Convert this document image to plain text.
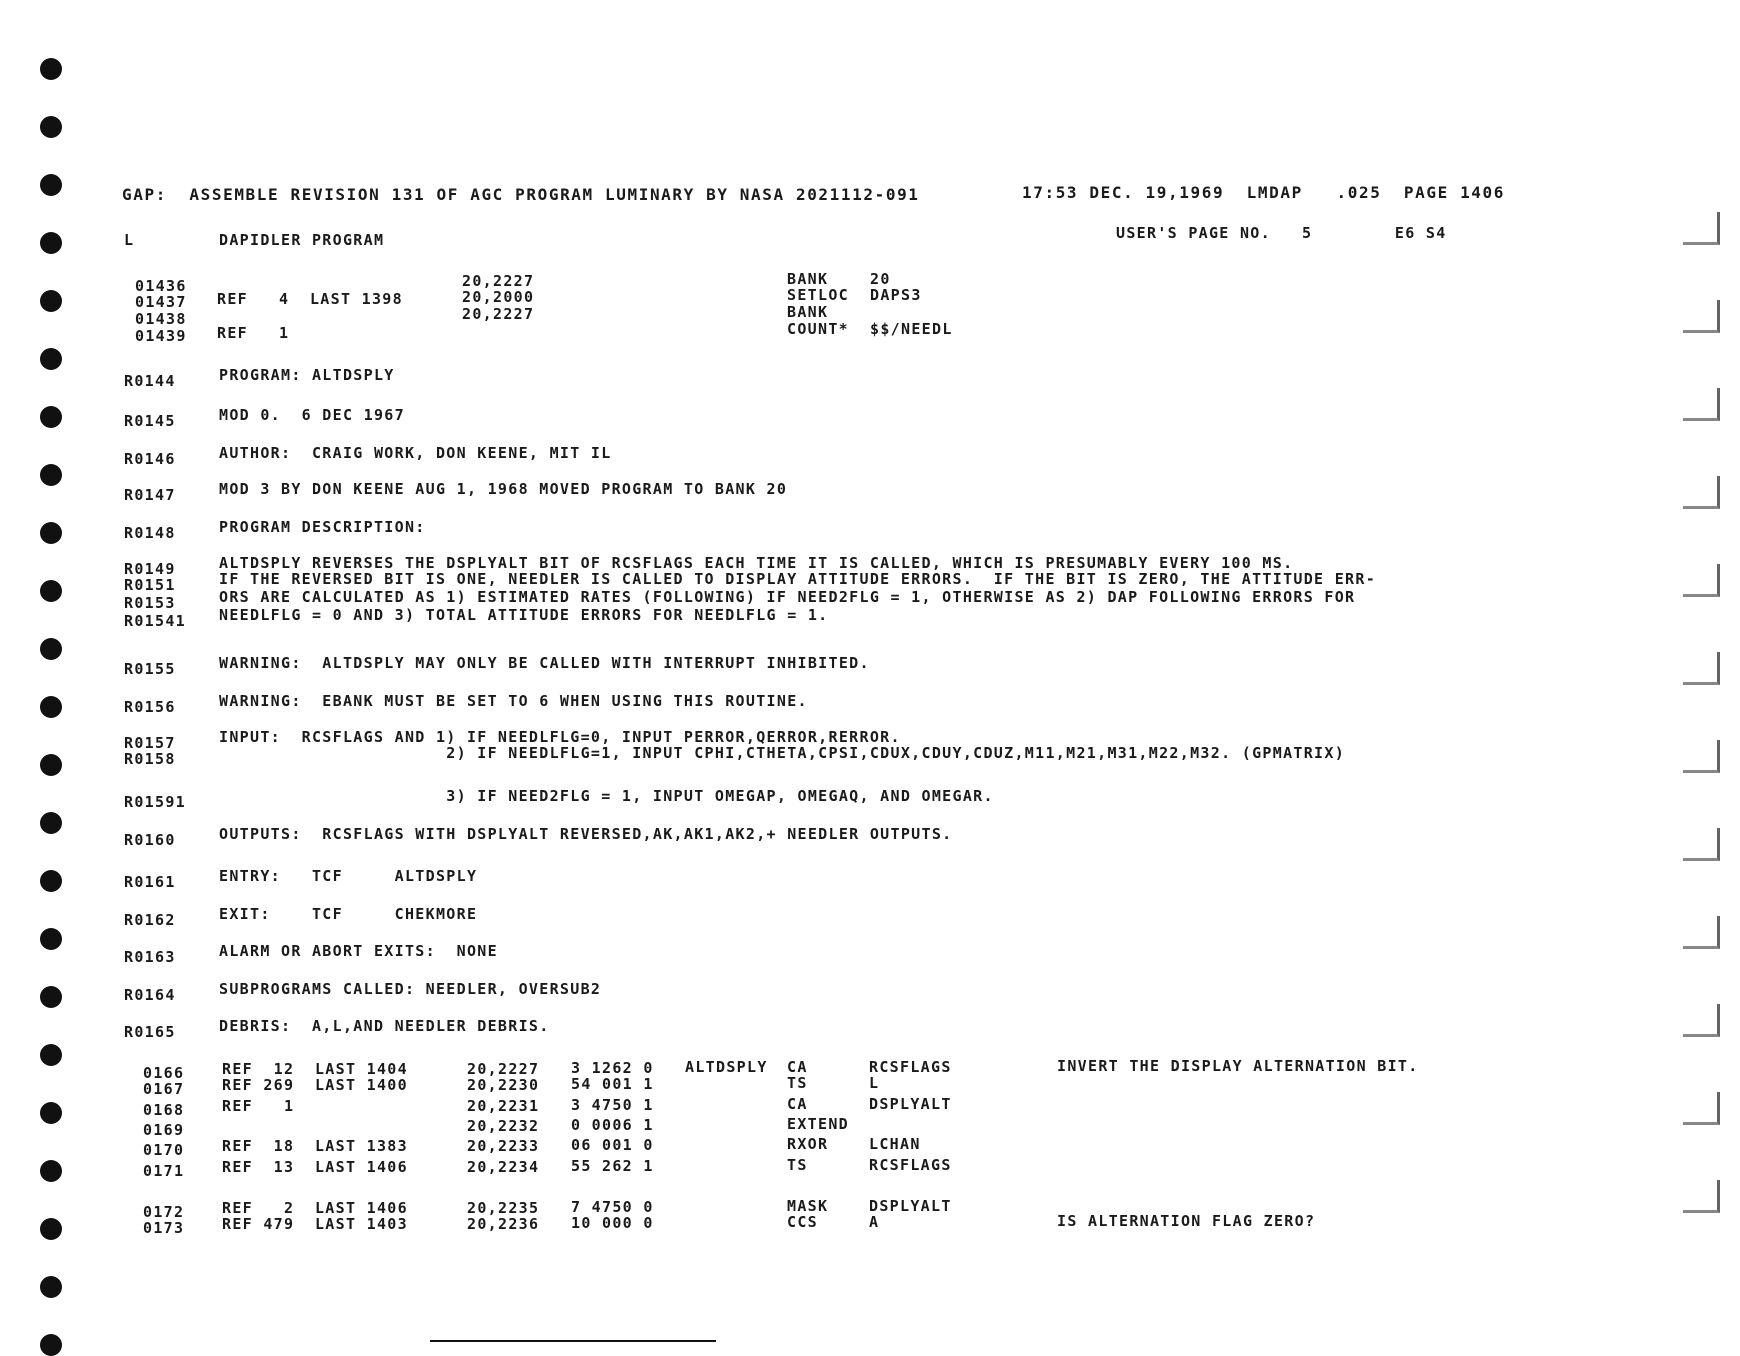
GAP:  ASSEMBLE REVISION 131 OF AGC PROGRAM LUMINARY BY NASA 2021112-091	17:53 DEC. 19,1969  LMDAP   .025  PAGE 1406
L	DAPIDLER PROGRAM	USER'S PAGE NO.   5        E6 S4
01436	20,2227	BANK	20
01437 REF   4  LAST 1398	20,2000	SETLOC DAPS3
01438	20,2227	BANK
01439 REF   1	COUNT* $$/NEEDL
R0144	PROGRAM: ALTDSPLY
R0145	MOD 0.  6 DEC 1967
R0146	AUTHOR:  CRAIG WORK, DON KEENE, MIT IL
R0147	MOD 3 BY DON KEENE AUG 1, 1968 MOVED PROGRAM TO BANK 20
R0148	PROGRAM DESCRIPTION:
R0149	ALTDSPLY REVERSES THE DSPLYALT BIT OF RCSFLAGS EACH TIME IT IS CALLED, WHICH IS PRESUMABLY EVERY 100 MS.
R0151	IF THE REVERSED BIT IS ONE, NEEDLER IS CALLED TO DISPLAY ATTITUDE ERRORS.  IF THE BIT IS ZERO, THE ATTITUDE ERR-
R0153	ORS ARE CALCULATED AS 1) ESTIMATED RATES (FOLLOWING) IF NEED2FLG = 1, OTHERWISE AS 2) DAP FOLLOWING ERRORS FOR
R01541 NEEDLFLG = 0 AND 3) TOTAL ATTITUDE ERRORS FOR NEEDLFLG = 1.
R0155	WARNING:  ALTDSPLY MAY ONLY BE CALLED WITH INTERRUPT INHIBITED.
R0156	WARNING:  EBANK MUST BE SET TO 6 WHEN USING THIS ROUTINE.
R0157	INPUT:  RCSFLAGS AND 1) IF NEEDLFLG=0, INPUT PERROR,QERROR,RERROR.
R0158	2) IF NEEDLFLG=1, INPUT CPHI,CTHETA,CPSI,CDUX,CDUY,CDUZ,M11,M21,M31,M22,M32. (GPMATRIX)
R01591 3) IF NEED2FLG = 1, INPUT OMEGAP, OMEGAQ, AND OMEGAR.
R0160	OUTPUTS:  RCSFLAGS WITH DSPLYALT REVERSED,AK,AK1,AK2,+ NEEDLER OUTPUTS.
R0161	ENTRY:   TCF     ALTDSPLY
R0162	EXIT:    TCF     CHEKMORE
R0163	ALARM OR ABORT EXITS:  NONE
R0164	SUBPROGRAMS CALLED: NEEDLER, OVERSUB2
R0165	DEBRIS:  A,L,AND NEEDLER DEBRIS.
0166	REF  12  LAST 1404	20,2227 3 1262 0 ALTDSPLY CA	RCSFLAGS	INVERT THE DISPLAY ALTERNATION BIT.
0167	REF 269  LAST 1400	20,2230 54 001 1	TS	L
0168	REF   1	20,2231 3 4750 1	CA	DSPLYALT
0169	20,2232 0 0006 1	EXTEND
0170	REF  18  LAST 1383	20,2233 06 001 0	RXOR	LCHAN
0171	REF  13  LAST 1406	20,2234 55 262 1	TS	RCSFLAGS
0172	REF   2  LAST 1406	20,2235 7 4750 0	MASK	DSPLYALT
0173	REF 479  LAST 1403	20,2236 10 000 0	CCS	A	IS ALTERNATION FLAG ZERO?
